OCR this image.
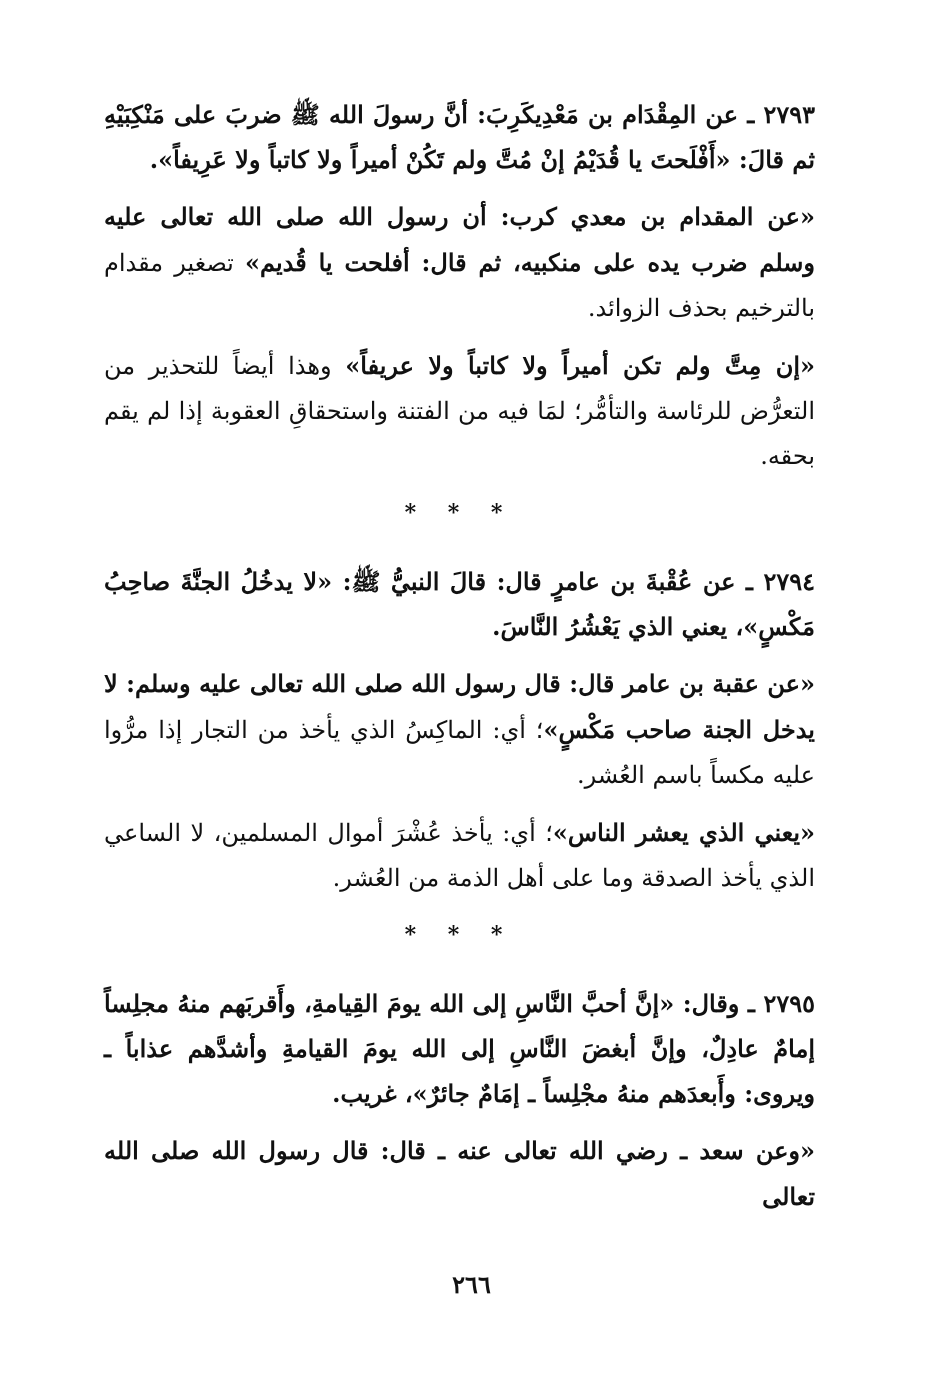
٢٧٩٣ ـ عن المِقْدَام بن مَعْدِيكَرِبَ: أنَّ رسولَ الله ﷺ ضربَ على مَنْكِبَيْهِ ثم قالَ: «أَفْلَحتَ يا قُدَيْمُ إنْ مُتَّ ولم تَكُنْ أميراً ولا كاتباً ولا عَرِيفاً».

«عن المقدام بن معدي كرب: أن رسول الله صلى الله تعالى عليه وسلم ضرب يده على منكبيه، ثم قال: أفلحت يا قُديم» تصغير مقدام بالترخيم بحذف الزوائد.

«إن مِتَّ ولم تكن أميراً ولا كاتباً ولا عريفاً» وهذا أيضاً للتحذير من التعرُّض للرئاسة والتأمُّر؛ لمَا فيه من الفتنة واستحقاقِ العقوبة إذا لم يقم بحقه.

* * *

٢٧٩٤ ـ عن عُقْبةَ بن عامرٍ قال: قالَ النبيُّ ﷺ: «لا يدخُلُ الجنَّةَ صاحِبُ مَكْسٍ»، يعني الذي يَعْشُرُ النَّاسَ.

«عن عقبة بن عامر قال: قال رسول الله صلى الله تعالى عليه وسلم: لا يدخل الجنة صاحب مَكْسٍ»؛ أي: الماكِسُ الذي يأخذ من التجار إذا مرُّوا عليه مكساً باسم العُشر.

«يعني الذي يعشر الناس»؛ أي: يأخذ عُشْرَ أموال المسلمين، لا الساعي الذي يأخذ الصدقة وما على أهل الذمة من العُشر.

* * *

٢٧٩٥ ـ وقال: «إنَّ أحبَّ النَّاسِ إلى الله يومَ القِيامةِ، وأَقربَهم منهُ مجلِساً إمامٌ عادِلٌ، وإنَّ أبغضَ النَّاسِ إلى الله يومَ القيامةِ وأشدَّهم عذاباً ـ ويروى: وأَبعدَهم منهُ مجْلِساً ـ إمَامٌ جائرٌ»، غريب.

«وعن سعد ـ رضي الله تعالى عنه ـ قال: قال رسول الله صلى الله تعالى

٢٦٦
